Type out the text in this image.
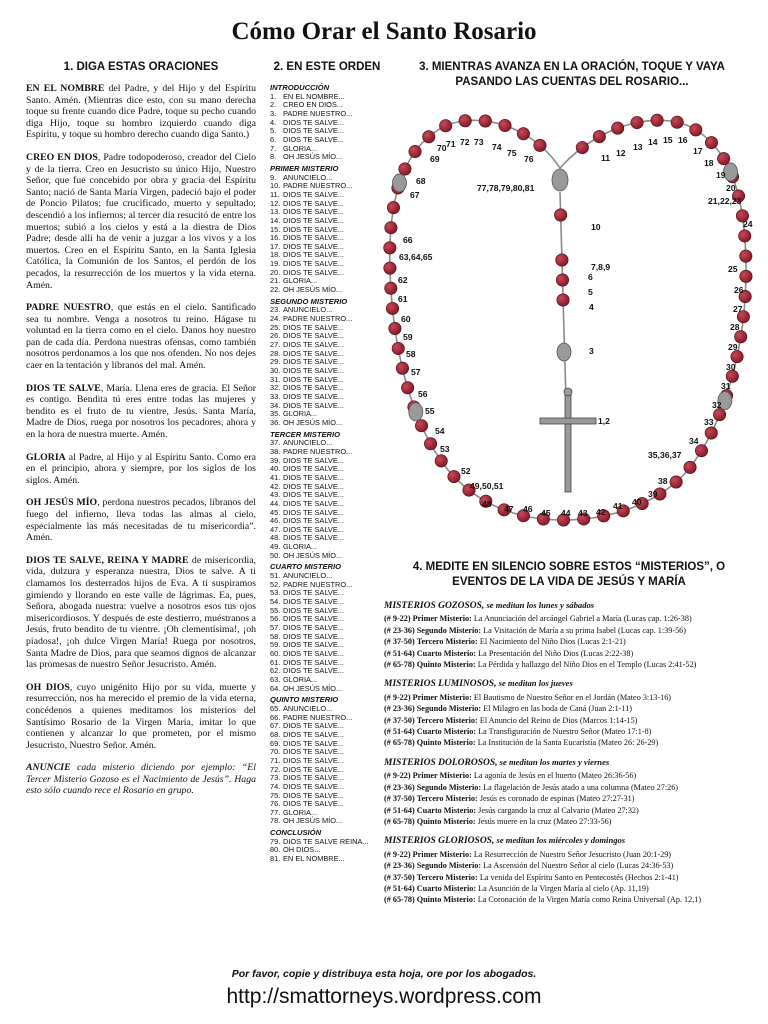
Cómo Orar el Santo Rosario
1. DIGA ESTAS ORACIONES	2. EN ESTE ORDEN	3. MIENTRAS AVANZA EN LA ORACIÓN, TOQUE Y VAYA PASANDO LAS CUENTAS DEL ROSARIO...
4. MEDITE EN SILENCIO SOBRE ESTOS “MISTERIOS”, O EVENTOS DE LA VIDA DE JESÚS Y MARÍA

EN EL NOMBRE del Padre, y del Hijo y del Espíritu Santo. Amén. (Mientras dice esto, con su mano derecha toque su frente cuando dice Padre, toque su pecho cuando diga Hijo, toque su hombro izquierdo cuando diga Espíritu, y toque su hombro derecho cuando diga Santo.)

CREO EN DIOS, Padre todopoderoso, creador del Cielo y de la tierra. Creo en Jesucristo su único Hijo, Nuestro Señor, que fue concebido por obra y gracia del Espíritu Santo; nació de Santa María Virgen, padeció bajo el poder de Poncio Pilatos; fue crucificado, muerto y sepultado; descendió a los infiernos; al tercer día resucitó de entre los muertos; subió a los cielos y está a la diestra de Dios Padre; desde allí ha de venir a juzgar a los vivos y a los muertos. Creo en el Espíritu Santo, en la Santa Iglesia Católica, la Comunión de los Santos, el perdón de los pecados, la resurrección de los muertos y la vida eterna. Amén.

PADRE NUESTRO, que estás en el cielo. Santificado sea tu nombre. Venga a nosotros tu reino. Hágase tu voluntad en la tierra como en el cielo. Danos hoy nuestro pan de cada día. Perdona nuestras ofensas, como también nosotros perdonamos a los que nos ofenden. No nos dejes caer en la tentación y líbranos del mal. Amén.

DIOS TE SALVE, María. Llena eres de gracia. El Señor es contigo. Bendita tú eres entre todas las mujeres y bendito es el fruto de tu vientre, Jesús. Santa María, Madre de Dios, ruega por nosotros los pecadores, ahora y en la hora de nuestra muerte. Amén.

GLORIA al Padre, al Hijo y al Espíritu Santo. Como era en el principio, ahora y siempre, por los siglos de los siglos. Amén.

OH JESÚS MÍO, perdona nuestros pecados, líbranos del fuego del infierno, lleva todas las almas al cielo, especialmente las más necesitadas de tu misericordia”. Amén.

DIOS TE SALVE, REINA Y MADRE de misericordia, vida, dulzura y esperanza nuestra, Dios te salve. A ti clamamos los desterrados hijos de Eva. A ti suspiramos gimiendo y llorando en este valle de lágrimas. Ea, pues, Señora, abogada nuestra: vuelve a nosotros esos tus ojos misericordiosos. Y después de este destierro, muéstranos a Jesús, fruto bendito de tu vientre. ¡Oh clementísima!, ¡oh piadosa!, ¡oh dulce Virgen María! Ruega por nosotros, Santa Madre de Dios, para que seamos dignos de alcanzar las promesas de nuestro Señor Jesucristo. Amén.

OH DIOS, cuyo unigénito Hijo por su vida, muerte y resurrección, nos ha merecido el premio de la vida eterna, concédenos a quienes meditamos los misterios del Santísimo Rosario de la Virgen María, imitar lo que contienen y alcanzar lo que prometen, por el mismo Jesucristo, Nuestro Señor. Amén.

ANUNCIE cada misterio diciendo por ejemplo: “El Tercer Misterio Gozoso es el Nacimiento de Jesús”. Haga esto sólo cuando rece el Rosario en grupo.

INTRODUCCIÓN
1. EN EL NOMBRE...
2. CREO EN DIOS...
3. PADRE NUESTRO...
4. DIOS TE SALVE...
5. DIOS TE SALVE...
6. DIOS TE SALVE...
7. GLORIA...
8. OH JESÚS MÍO...
PRIMER MISTERIO
9. ANUNCIELO...
10. PADRE NUESTRO...
11. DIOS TE SALVE...
12. DIOS TE SALVE...
13. DIOS TE SALVE...
14. DIOS TE SALVE...
15. DIOS TE SALVE...
16. DIOS TE SALVE...
17. DIOS TE SALVE...
18. DIOS TE SALVE...
19. DIOS TE SALVE...
20. DIOS TE SALVE...
21. GLORIA...
22. OH JESÚS MÍO...
SEGUNDO MISTERIO
23. ANUNCIELO...
24. PADRE NUESTRO...
25. DIOS TE SALVE...
26. DIOS TE SALVE...
27. DIOS TE SALVE...
28. DIOS TE SALVE...
29. DIOS TE SALVE...
30. DIOS TE SALVE...
31. DIOS TE SALVE...
32. DIOS TE SALVE...
33. DIOS TE SALVE...
34. DIOS TE SALVE...
35. GLORIA...
36. OH JESÚS MÍO...
TERCER MISTERIO
37. ANUNCIELO...
38. PADRE NUESTRO...
39. DIOS TE SALVE...
40. DIOS TE SALVE...
41. DIOS TE SALVE...
42. DIOS TE SALVE...
43. DIOS TE SALVE...
44. DIOS TE SALVE...
45. DIOS TE SALVE...
46. DIOS TE SALVE...
47. DIOS TE SALVE...
48. DIOS TE SALVE...
49. GLORIA...
50. OH JESÚS MÍO...
CUARTO MISTERIO
51. ANUNCIELO...
52. PADRE NUESTRO...
53. DIOS TE SALVE...
54. DIOS TE SALVE...
55. DIOS TE SALVE...
56. DIOS TE SALVE...
57. DIOS TE SALVE...
58. DIOS TE SALVE...
59. DIOS TE SALVE...
60. DIOS TE SALVE...
61. DIOS TE SALVE...
62. DIOS TE SALVE...
63. GLORIA...
64. OH JESÚS MÍO...
QUINTO MISTERIO
65. ANUNCIELO...
66. PADRE NUESTRO...
67. DIOS TE SALVE...
68. DIOS TE SALVE...
69. DIOS TE SALVE...
70. DIOS TE SALVE...
71. DIOS TE SALVE...
72. DIOS TE SALVE...
73. DIOS TE SALVE...
74. DIOS TE SALVE...
75. DIOS TE SALVE...
76. DIOS TE SALVE...
77. GLORIA...
78. OH JESÚS MÍO...
CONCLUSIÓN
79. DIOS TE SALVE REINA...
80. OH DIOS...
81. EN EL NOMBRE...
70 71 72 73 74
75
76
69
68
67
11 12
13 14 15 16
17
18
19
20
21,22,23
24
77,78,79,80,81
10
7,8,9
6
5
4
3
1,2
66
63,64,65
62
61
60
59
58
57
56
55
54
53
52
49,50,51
48 47 46 45 44 43 42
41 40
39
38
35,36,37
34
33
32
31
30
29
28
27
26
25
MISTERIOS GOZOSOS, se meditan los lunes y sábados
(# 9-22) Primer Misterio: La Anunciación del arcángel Gabriel a María (Lucas cap. 1:26-38)
(# 23-36) Segundo Misterio: La Visitación de María a su prima Isabel (Lucas cap. 1:39-56)
(# 37-50) Tercero Misterio: El Nacimiento del Niño Dios (Lucas 2:1-21)
(# 51-64) Cuarto Misterio: La Presentación del Niño Dios (Lucas 2:22-38)
(# 65-78) Quinto Misterio: La Pérdida y hallazgo del Niño Dios en el Templo (Lucas 2:41-52)
MISTERIOS LUMINOSOS, se meditan los jueves
(# 9-22) Primer Misterio: El Bautismo de Nuestro Señor en el Jordán (Mateo 3:13-16)
(# 23-36) Segundo Misterio: El Milagro en las boda de Caná (Juan 2:1-11)
(# 37-50) Tercero Misterio: El Anuncio del Reino de Dios (Marcos 1:14-15)
(# 51-64) Cuarto Misterio: La Transfiguración de Nuestro Señor (Mateo 17:1-8)
(# 65-78) Quinto Misterio: La Institución de la Santa Eucaristía (Mateo 26: 26-29)
MISTERIOS DOLOROSOS, se meditan los martes y viernes
(# 9-22) Primer Misterio: La agonía de Jesús en el huerto (Mateo 26:36-56)
(# 23-36) Segundo Misterio: La flagelación de Jesús atado a una columna (Mateo 27:26)
(# 37-50) Tercero Misterio: Jesús es coronado de espinas (Mateo 27:27-31)
(# 51-64) Cuarto Misterio: Jesús cargando la cruz al Calvario (Mateo 27:32)
(# 65-78) Quinto Misterio: Jesús muere en la cruz (Mateo 27:33-56)
MISTERIOS GLORIOSOS, se meditan los miércoles y domingos
(# 9-22) Primer Misterio: La Resurrección de Nuestro Señor Jesucristo (Juan 20:1-29)
(# 23-36) Segundo Misterio: La Ascensión del Nuestro Señor al cielo (Lucas 24:36-53)
(# 37-50) Tercero Misterio: La venida del Espíritu Santo en Pentecostés (Hechos 2:1-41)
(# 51-64) Cuarto Misterio: La Asunción de la Virgen María al cielo (Ap. 11,19)
(# 65-78) Quinto Misterio: La Coronación de la Virgen María como Reina Universal (Ap. 12,1)
Por favor, copie y distribuya esta hoja, ore por los abogados.
http://smattorneys.wordpress.com
